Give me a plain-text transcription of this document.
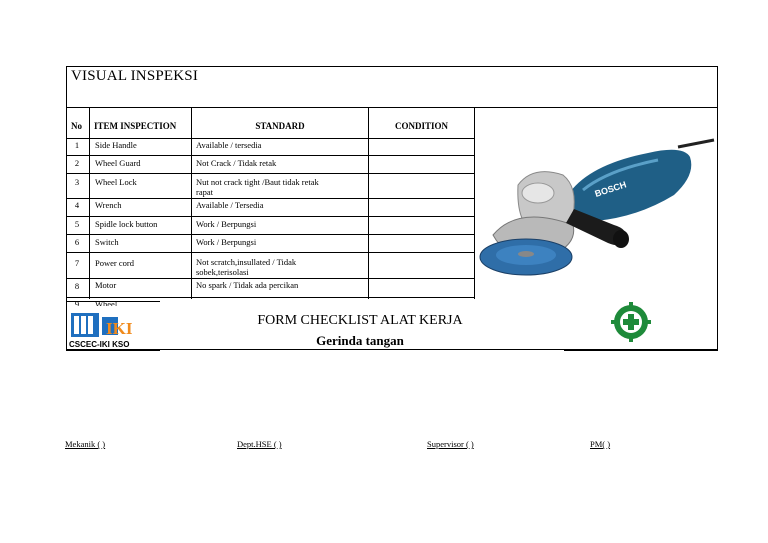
VISUAL INSPEKSI
No ITEM INSPECTION	STANDARD	CONDITION
1	Side Handle	Available / tersedia
2	Wheel Guard	Not Crack / Tidak retak
3	Wheel Lock	Nut not crack tight /Baut tidak retak rapat
4	Wrench	Available / Tersedia
5	Spidle lock button	Work / Berpungsi
6	Switch	Work / Berpungsi
7	Power cord	Not scratch,insullated / Tidak sobek,terisolasi
8	Motor	No spark / Tidak ada percikan
9	Wheel
BOSCH
IKI
CSCEC-IKI KSO
FORM CHECKLIST ALAT KERJA
Gerinda tangan
Mekanik ( )	Dept.HSE ( )	Supervisor ( )	PM( )
